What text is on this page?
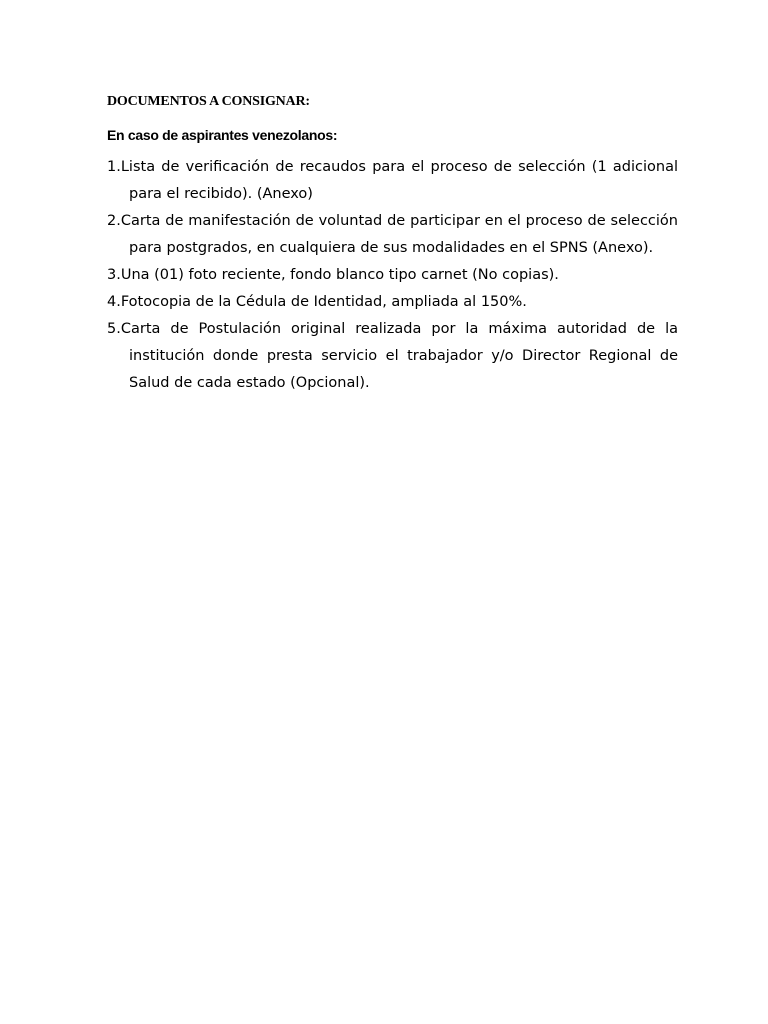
DOCUMENTOS A CONSIGNAR:
En caso de aspirantes venezolanos:
1.Lista de verificación de recaudos para el proceso de selección (1 adicional para el recibido). (Anexo)
2.Carta de manifestación de voluntad de participar en el proceso de selección para postgrados, en cualquiera de sus modalidades en el SPNS (Anexo).
3.Una (01) foto reciente, fondo blanco tipo carnet (No copias).
4.Fotocopia de la Cédula de Identidad, ampliada al 150%.
5.Carta de Postulación original realizada por la máxima autoridad de la institución donde presta servicio el trabajador y/o Director Regional de Salud de cada estado (Opcional).
